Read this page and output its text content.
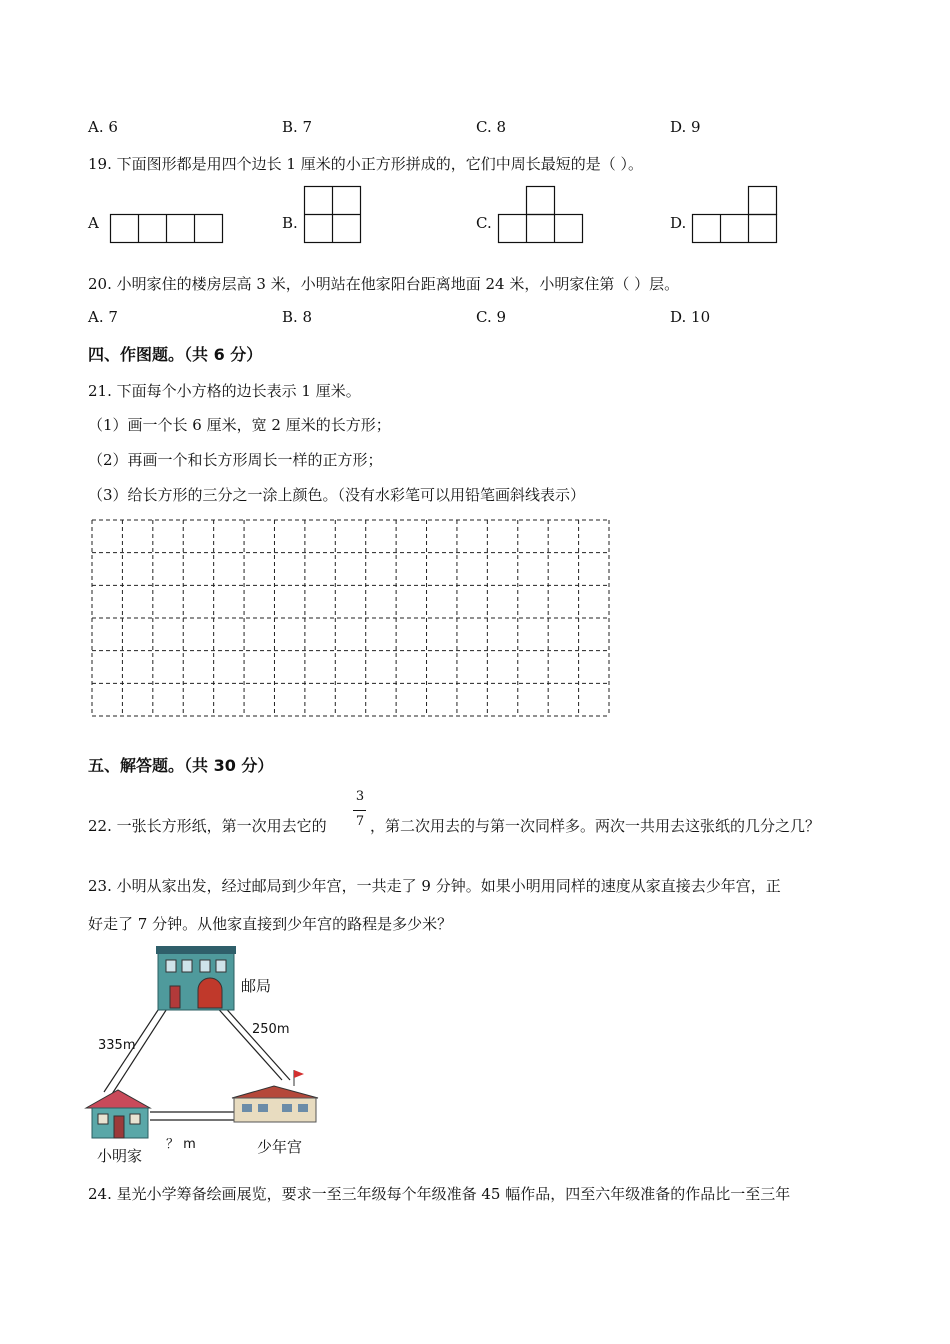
A. 6	B. 7	C. 8	D. 9
19. 下面图形都是用四个边长 1 厘米的小正方形拼成的，它们中周长最短的是（ ）。
A	B.	C.	D.
20. 小明家住的楼房层高 3 米，小明站在他家阳台距离地面 24 米，小明家住第（ ）层。
A. 7	B. 8	C. 9	D. 10
四、作图题。（共 6 分）
21. 下面每个小方格的边长表示 1 厘米。
（1）画一个长 6 厘米，宽 2 厘米的长方形；
（2）再画一个和长方形周长一样的正方形；
（3）给长方形的三分之一涂上颜色。（没有水彩笔可以用铅笔画斜线表示）
五、解答题。（共 30 分）
22. 一张长方形纸，第一次用去它的
3
7 ，第二次用去的与第一次同样多。两次一共用去这张纸的几分之几？
23. 小明从家出发，经过邮局到少年宫，一共走了 9 分钟。如果小明用同样的速度从家直接去少年宫，正
好走了 7 分钟。从他家直接到少年宫的路程是多少米？
邮局
335m
250m
？ m
小明家	少年宫
24. 星光小学筹备绘画展览，要求一至三年级每个年级准备 45 幅作品，四至六年级准备的作品比一至三年
